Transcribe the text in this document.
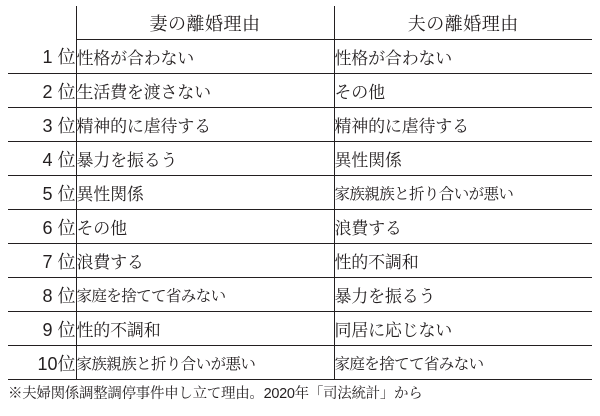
	妻の離婚理由	夫の離婚理由
1 位	性格が合わない	性格が合わない
2 位	生活費を渡さない	その他
3 位	精神的に虐待する	精神的に虐待する
4 位	暴力を振るう	異性関係
5 位	異性関係	家族親族と折り合いが悪い
6 位	その他	浪費する
7 位	浪費する	性的不調和
8 位	家庭を捨てて省みない	暴力を振るう
9 位	性的不調和	同居に応じない
10位	家族親族と折り合いが悪い	家庭を捨てて省みない
※夫婦関係調整調停事件申し立て理由。2020年「司法統計」から
